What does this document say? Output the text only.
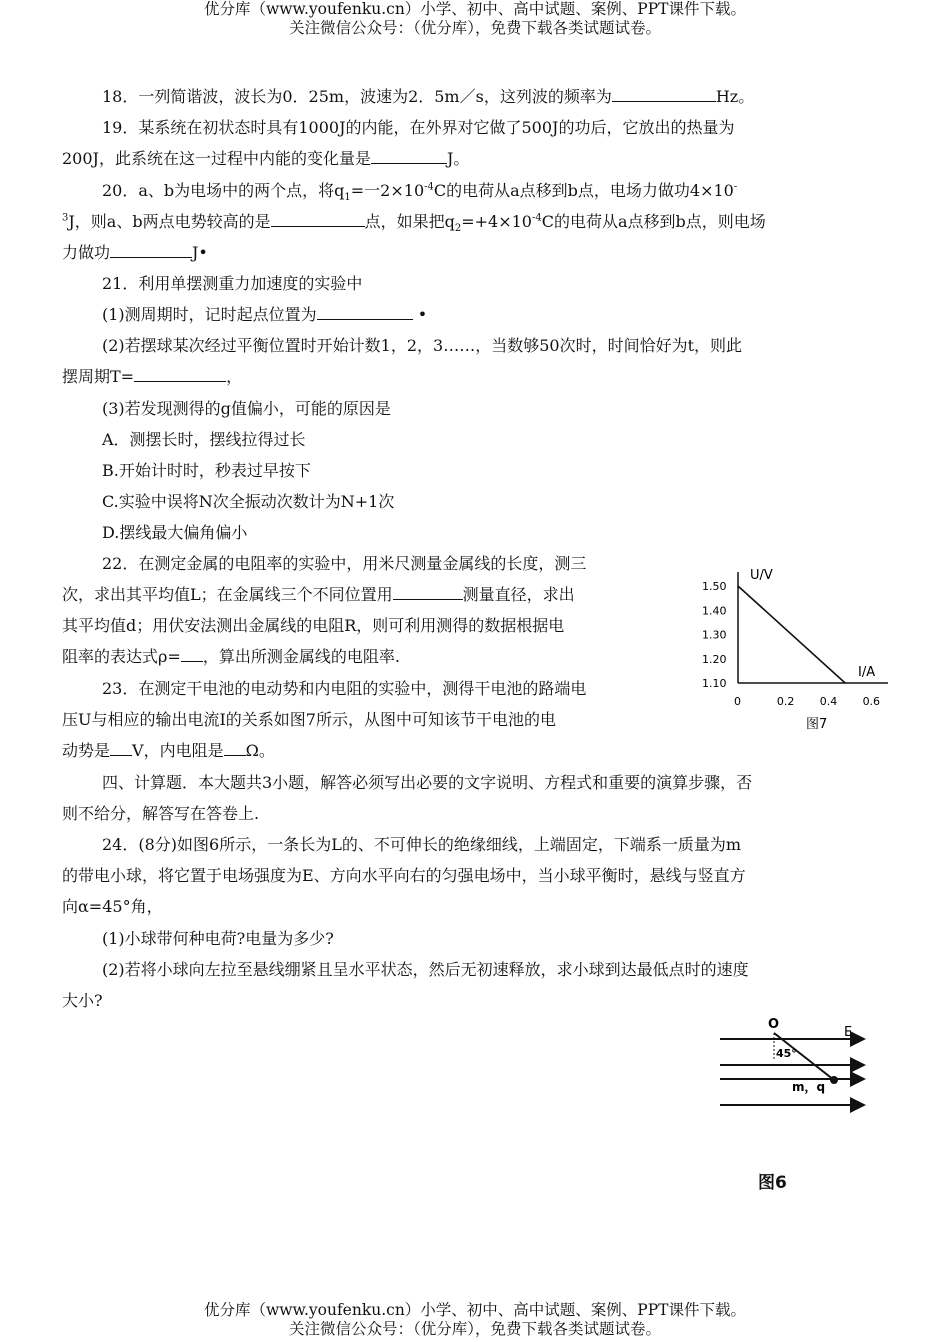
优分库（www.youfenku.cn）小学、初中、高中试题、案例、PPT课件下载。
关注微信公众号：（优分库），免费下载各类试题试卷。
18．一列简谐波，波长为0．25m，波速为2．5m／s，这列波的频率为	Hz。
19．某系统在初状态时具有1000J的内能，在外界对它做了500J的功后，它放出的热量为
200J，此系统在这一过程中内能的变化量是	J。
20．a、b为电场中的两个点，将$q_1=$一$2\times 10^{-4}C$的电荷从a点移到b点，电场力做功4×10-
$^3$J，则a、b两点电势较高的是	点，如果把$q_2=+4\times 10^{-4}C$的电荷从a点移到b点，则电场
力做功	J•
21．利用单摆测重力加速度的实验中
(1)测周期时，记时起点位置为	•
(2)若摆球某次经过平衡位置时开始计数1，2，3……，当数够50次时，时间恰好为t，则此
摆周期T=	，
(3)若发现测得的g值偏小，可能的原因是
A．测摆长时，摆线拉得过长
B.开始计时时，秒表过早按下
C.实验中误将N次全振动次数计为N+1次
D.摆线最大偏角偏小
22．在测定金属的电阻率的实验中，用米尺测量金属线的长度，测三
次，求出其平均值L；在金属线三个不同位置用	测量直径，求出
其平均值d；用伏安法测出金属线的电阻R，则可利用测得的数据根据电
阻率的表达式ρ= ，算出所测金属线的电阻率.
23．在测定干电池的电动势和内电阻的实验中，测得干电池的路端电
压U与相应的输出电流I的关系如图7所示，从图中可知该节干电池的电
动势是 V，内电阻是 Ω。
1.10
1.20
1.30
1.40
1.50
0	0.2 0.4 0.6
U/V
I/A
图7
四、计算题．本大题共3小题，解答必须写出必要的文字说明、方程式和重要的演算步骤，否
则不给分，解答写在答卷上.
24．(8分)如图6所示，一条长为L的、不可伸长的绝缘细线，上端固定，下端系一质量为m
的带电小球，将它置于电场强度为E、方向水平向右的匀强电场中，当小球平衡时，悬线与竖直方
向α=45°角，
(1)小球带何种电荷?电量为多少?
(2)若将小球向左拉至悬线绷紧且呈水平状态，然后无初速释放，求小球到达最低点时的速度
大小?
O
E
45°
m，q
图6
优分库（www.youfenku.cn）小学、初中、高中试题、案例、PPT课件下载。
关注微信公众号：（优分库），免费下载各类试题试卷。
